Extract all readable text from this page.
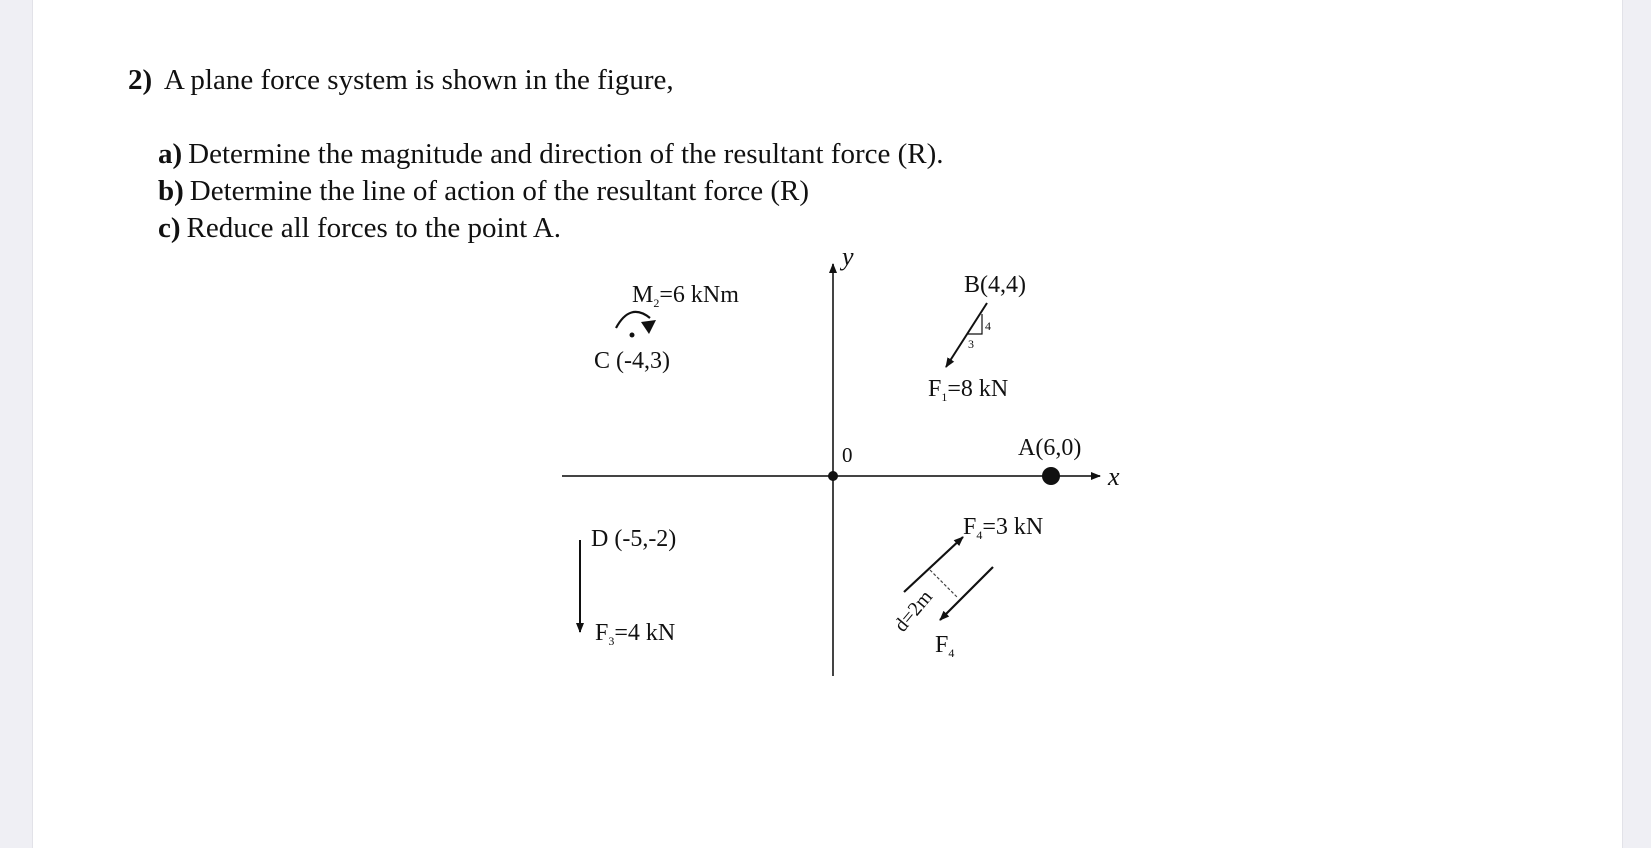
2) A plane force system is shown in the figure,
a) Determine the magnitude and direction of the resultant force (R).
b) Determine the line of action of the resultant force (R)
c) Reduce all forces to the point A.
x
y
0	A(6,0)
B(4,4)
4
3
$F_1=8$ kN
$M_2=6$ kNm
C (-4,3)
D (-5,-2)
$F_3=4$ kN	d=2m
$F_4=3$ kN
$F_4$
